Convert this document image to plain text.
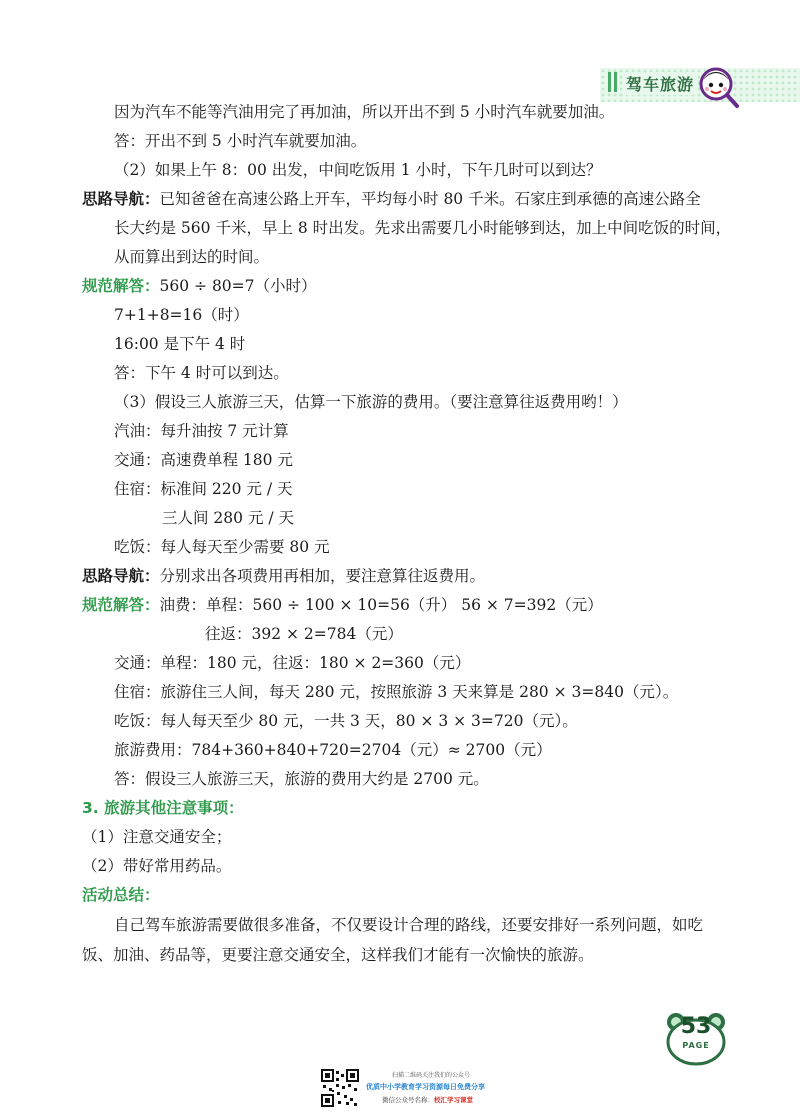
驾车旅游
因为汽车不能等汽油用完了再加油，所以开出不到 5 小时汽车就要加油。
答：开出不到 5 小时汽车就要加油。
（2）如果上午 8：00 出发，中间吃饭用 1 小时，下午几时可以到达？
思路导航：已知爸爸在高速公路上开车，平均每小时 80 千米。石家庄到承德的高速公路全
长大约是 560 千米，早上 8 时出发。先求出需要几小时能够到达，加上中间吃饭的时间，
从而算出到达的时间。
规范解答：560 ÷ 80=7（小时）
7+1+8=16（时）
16:00 是下午 4 时
答：下午 4 时可以到达。
（3）假设三人旅游三天，估算一下旅游的费用。（要注意算往返费用哟！）
汽油：每升油按 7 元计算
交通：高速费单程 180 元
住宿：标准间 220 元 / 天
三人间 280 元 / 天
吃饭：每人每天至少需要 80 元
思路导航：分别求出各项费用再相加，要注意算往返费用。
规范解答：油费：单程：560 ÷ 100 × 10=56（升） 56 × 7=392（元）
往返：392 × 2=784（元）
交通：单程：180 元，往返：180 × 2=360（元）
住宿：旅游住三人间，每天 280 元，按照旅游 3 天来算是 280 × 3=840（元）。
吃饭：每人每天至少 80 元，一共 3 天，80 × 3 × 3=720（元）。
旅游费用：784+360+840+720=2704（元）≈ 2700（元）
答：假设三人旅游三天，旅游的费用大约是 2700 元。
3. 旅游其他注意事项：
（1）注意交通安全；
（2）带好常用药品。
活动总结：
自己驾车旅游需要做很多准备，不仅要设计合理的路线，还要安排好一系列问题，如吃饭、加油、药品等，更要注意交通安全，这样我们才能有一次愉快的旅游。
53
PAGE
扫描二维码关注我们的公众号
优质中小学教育学习资源每日免费分享
微信公众号名称：校汇学习课堂
